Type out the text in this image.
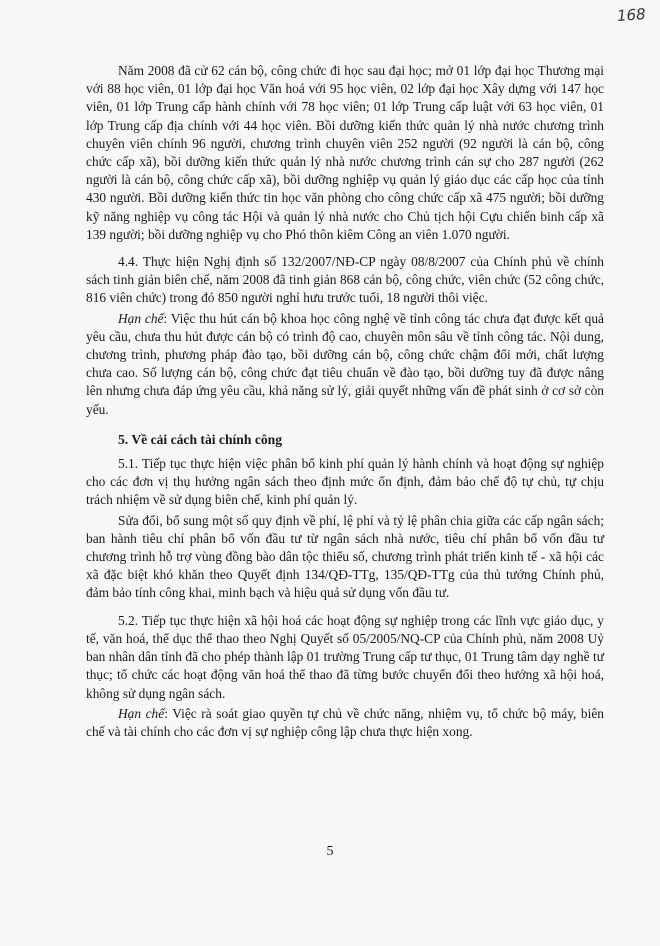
168

Năm 2008 đã cử 62 cán bộ, công chức đi học sau đại học; mở 01 lớp đại học Thương mại với 88 học viên, 01 lớp đại học Văn hoá với 95 học viên, 02 lớp đại học Xây dựng với 147 học viên, 01 lớp Trung cấp hành chính với 78 học viên; 01 lớp Trung cấp luật với 63 học viên, 01 lớp Trung cấp địa chính với 44 học viên. Bồi dưỡng kiến thức quản lý nhà nước chương trình chuyên viên chính 96 người, chương trình chuyên viên 252 người (92 người là cán bộ, công chức cấp xã), bồi dưỡng kiến thức quản lý nhà nước chương trình cán sự cho 287 người (262 người là cán bộ, công chức cấp xã), bồi dưỡng nghiệp vụ quản lý giáo dục các cấp học của tỉnh 430 người. Bồi dưỡng kiến thức tin học văn phòng cho công chức cấp xã 475 người; bồi dưỡng kỹ năng nghiệp vụ công tác Hội và quản lý nhà nước cho Chủ tịch hội Cựu chiến binh cấp xã 139 người; bồi dưỡng nghiệp vụ cho Phó thôn kiêm Công an viên 1.070 người.

4.4. Thực hiện Nghị định số 132/2007/NĐ-CP ngày 08/8/2007 của Chính phủ về chính sách tinh giản biên chế, năm 2008 đã tinh giản 868 cán bộ, công chức, viên chức (52 công chức, 816 viên chức) trong đó 850 người nghỉ hưu trước tuổi, 18 người thôi việc.

Hạn chế: Việc thu hút cán bộ khoa học công nghệ về tỉnh công tác chưa đạt được kết quả yêu cầu, chưa thu hút được cán bộ có trình độ cao, chuyên môn sâu về tỉnh công tác. Nội dung, chương trình, phương pháp đào tạo, bồi dưỡng cán bộ, công chức chậm đổi mới, chất lượng chưa cao. Số lượng cán bộ, công chức đạt tiêu chuẩn về đào tạo, bồi dưỡng tuy đã được nâng lên nhưng chưa đáp ứng yêu cầu, khả năng sử lý, giải quyết những vấn đề phát sinh ở cơ sở còn yếu.

5. Về cải cách tài chính công

5.1. Tiếp tục thực hiện việc phân bổ kinh phí quản lý hành chính và hoạt động sự nghiệp cho các đơn vị thụ hưởng ngân sách theo định mức ổn định, đảm bảo chế độ tự chủ, tự chịu trách nhiệm về sử dụng biên chế, kinh phí quản lý.

Sửa đổi, bổ sung một số quy định về phí, lệ phí và tỷ lệ phân chia giữa các cấp ngân sách; ban hành tiêu chí phân bổ vốn đầu tư từ ngân sách nhà nước, tiêu chí phân bổ vốn đầu tư chương trình hỗ trợ vùng đồng bào dân tộc thiểu số, chương trình phát triển kinh tế - xã hội các xã đặc biệt khó khăn theo Quyết định 134/QĐ-TTg, 135/QĐ-TTg của thủ tướng Chính phủ, đảm bảo tính công khai, minh bạch và hiệu quả sử dụng vốn đầu tư.

5.2. Tiếp tục thực hiện xã hội hoá các hoạt động sự nghiệp trong các lĩnh vực giáo dục, y tế, văn hoá, thể dục thể thao theo Nghị Quyết số 05/2005/NQ-CP của Chính phủ, năm 2008 Uỷ ban nhân dân tỉnh đã cho phép thành lập 01 trường Trung cấp tư thục, 01 Trung tâm dạy nghề tư thục; tổ chức các hoạt động văn hoá thể thao đã từng bước chuyển đổi theo hướng xã hội hoá, không sử dụng ngân sách.

Hạn chế: Việc rà soát giao quyền tự chủ về chức năng, nhiệm vụ, tổ chức bộ máy, biên chế và tài chính cho các đơn vị sự nghiệp công lập chưa thực hiện xong.

5
